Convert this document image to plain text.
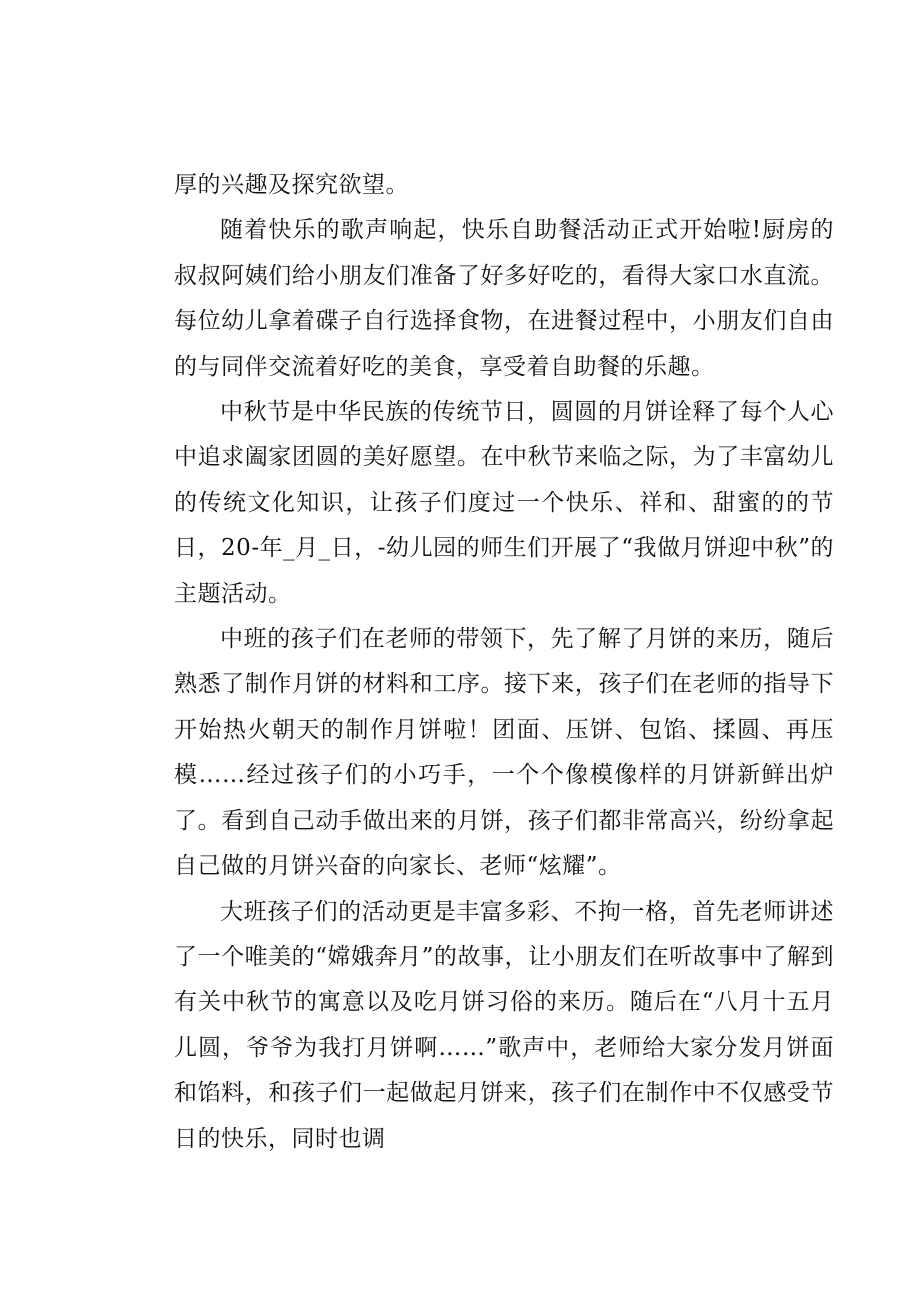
厚的兴趣及探究欲望。

随着快乐的歌声响起，快乐自助餐活动正式开始啦!厨房的叔叔阿姨们给小朋友们准备了好多好吃的，看得大家口水直流。每位幼儿拿着碟子自行选择食物，在进餐过程中，小朋友们自由的与同伴交流着好吃的美食，享受着自助餐的乐趣。

中秋节是中华民族的传统节日，圆圆的月饼诠释了每个人心中追求阖家团圆的美好愿望。在中秋节来临之际，为了丰富幼儿的传统文化知识，让孩子们度过一个快乐、祥和、甜蜜的的节日，20-年_月_日，-幼儿园的师生们开展了“我做月饼迎中秋”的主题活动。

中班的孩子们在老师的带领下，先了解了月饼的来历，随后熟悉了制作月饼的材料和工序。接下来，孩子们在老师的指导下开始热火朝天的制作月饼啦！团面、压饼、包馅、揉圆、再压模……经过孩子们的小巧手，一个个像模像样的月饼新鲜出炉了。看到自己动手做出来的月饼，孩子们都非常高兴，纷纷拿起自己做的月饼兴奋的向家长、老师“炫耀”。

大班孩子们的活动更是丰富多彩、不拘一格，首先老师讲述了一个唯美的“嫦娥奔月”的故事，让小朋友们在听故事中了解到有关中秋节的寓意以及吃月饼习俗的来历。随后在“八月十五月儿圆，爷爷为我打月饼啊……”歌声中，老师给大家分发月饼面和馅料，和孩子们一起做起月饼来，孩子们在制作中不仅感受节日的快乐，同时也调
